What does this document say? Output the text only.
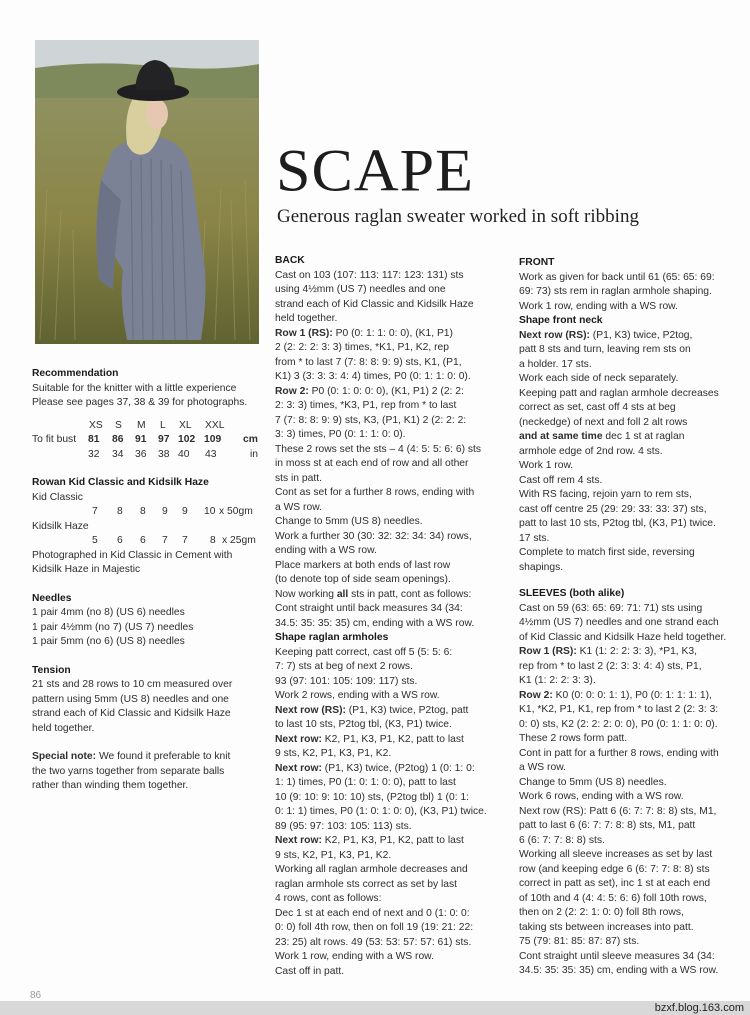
SCAPE
Generous raglan sweater worked in soft ribbing

Recommendation

Suitable for the knitter with a little experience

Please see pages 37, 38 & 39 for photographs.

XS S M L XL XXL
To fit bust 81 86 91 97 102 109 cm
32 34 36 38 40 43	in

Rowan Kid Classic and Kidsilk Haze

Kid Classic

7 8 8 9 9 10 x 50gm

Kidsilk Haze

5 6 6 7 7 8 x 25gm

Photographed in Kid Classic in Cement with

Kidsilk Haze in Majestic

Needles

1 pair 4mm (no 8) (US 6) needles

1 pair 4½mm (no 7) (US 7) needles

1 pair 5mm (no 6) (US 8) needles

Tension

21 sts and 28 rows to 10 cm measured over

pattern using 5mm (US 8) needles and one

strand each of Kid Classic and Kidsilk Haze

held together.

Special note: We found it preferable to knit

the two yarns together from separate balls

rather than winding them together.

BACK

Cast on 103 (107: 113: 117: 123: 131) sts

using 4½mm (US 7) needles and one

strand each of Kid Classic and Kidsilk Haze

held together.

Row 1 (RS): P0 (0: 1: 1: 0: 0), (K1, P1)

2 (2: 2: 2: 3: 3) times, *K1, P1, K2, rep

from * to last 7 (7: 8: 8: 9: 9) sts, K1, (P1,

K1) 3 (3: 3: 3: 4: 4) times, P0 (0: 1: 1: 0: 0).

Row 2: P0 (0: 1: 0: 0: 0), (K1, P1) 2 (2: 2:

2: 3: 3) times, *K3, P1, rep from * to last

7 (7: 8: 8: 9: 9) sts, K3, (P1, K1) 2 (2: 2: 2:

3: 3) times, P0 (0: 1: 1: 0: 0).

These 2 rows set the sts – 4 (4: 5: 5: 6: 6) sts

in moss st at each end of row and all other

sts in patt.

Cont as set for a further 8 rows, ending with

a WS row.

Change to 5mm (US 8) needles.

Work a further 30 (30: 32: 32: 34: 34) rows,

ending with a WS row.

Place markers at both ends of last row

(to denote top of side seam openings).

Now working all sts in patt, cont as follows:

Cont straight until back measures 34 (34:

34.5: 35: 35: 35) cm, ending with a WS row.

Shape raglan armholes

Keeping patt correct, cast off 5 (5: 5: 6:

7: 7) sts at beg of next 2 rows.

93 (97: 101: 105: 109: 117) sts.

Work 2 rows, ending with a WS row.

Next row (RS): (P1, K3) twice, P2tog, patt

to last 10 sts, P2tog tbl, (K3, P1) twice.

Next row: K2, P1, K3, P1, K2, patt to last

9 sts, K2, P1, K3, P1, K2.

Next row: (P1, K3) twice, (P2tog) 1 (0: 1: 0:

1: 1) times, P0 (1: 0: 1: 0: 0), patt to last

10 (9: 10: 9: 10: 10) sts, (P2tog tbl) 1 (0: 1:

0: 1: 1) times, P0 (1: 0: 1: 0: 0), (K3, P1) twice.

89 (95: 97: 103: 105: 113) sts.

Next row: K2, P1, K3, P1, K2, patt to last

9 sts, K2, P1, K3, P1, K2.

Working all raglan armhole decreases and

raglan armhole sts correct as set by last

4 rows, cont as follows:

Dec 1 st at each end of next and 0 (1: 0: 0:

0: 0) foll 4th row, then on foll 19 (19: 21: 22:

23: 25) alt rows. 49 (53: 53: 57: 57: 61) sts.

Work 1 row, ending with a WS row.

Cast off in patt.

FRONT

Work as given for back until 61 (65: 65: 69:

69: 73) sts rem in raglan armhole shaping.

Work 1 row, ending with a WS row.

Shape front neck

Next row (RS): (P1, K3) twice, P2tog,

patt 8 sts and turn, leaving rem sts on

a holder. 17 sts.

Work each side of neck separately.

Keeping patt and raglan armhole decreases

correct as set, cast off 4 sts at beg

(neckedge) of next and foll 2 alt rows

and at same time dec 1 st at raglan

armhole edge of 2nd row. 4 sts.

Work 1 row.

Cast off rem 4 sts.

With RS facing, rejoin yarn to rem sts,

cast off centre 25 (29: 29: 33: 33: 37) sts,

patt to last 10 sts, P2tog tbl, (K3, P1) twice.

17 sts.

Complete to match first side, reversing

shapings.

SLEEVES (both alike)

Cast on 59 (63: 65: 69: 71: 71) sts using

4½mm (US 7) needles and one strand each

of Kid Classic and Kidsilk Haze held together.

Row 1 (RS): K1 (1: 2: 2: 3: 3), *P1, K3,

rep from * to last 2 (2: 3: 3: 4: 4) sts, P1,

K1 (1: 2: 2: 3: 3).

Row 2: K0 (0: 0: 0: 1: 1), P0 (0: 1: 1: 1: 1),

K1, *K2, P1, K1, rep from * to last 2 (2: 3: 3:

0: 0) sts, K2 (2: 2: 2: 0: 0), P0 (0: 1: 1: 0: 0).

These 2 rows form patt.

Cont in patt for a further 8 rows, ending with

a WS row.

Change to 5mm (US 8) needles.

Work 6 rows, ending with a WS row.

Next row (RS): Patt 6 (6: 7: 7: 8: 8) sts, M1,

patt to last 6 (6: 7: 7: 8: 8) sts, M1, patt

6 (6: 7: 7: 8: 8) sts.

Working all sleeve increases as set by last

row (and keeping edge 6 (6: 7: 7: 8: 8) sts

correct in patt as set), inc 1 st at each end

of 10th and 4 (4: 4: 5: 6: 6) foll 10th rows,

then on 2 (2: 2: 1: 0: 0) foll 8th rows,

taking sts between increases into patt.

75 (79: 81: 85: 87: 87) sts.

Cont straight until sleeve measures 34 (34:

34.5: 35: 35: 35) cm, ending with a WS row.

86
bzxf.blog.163.com
